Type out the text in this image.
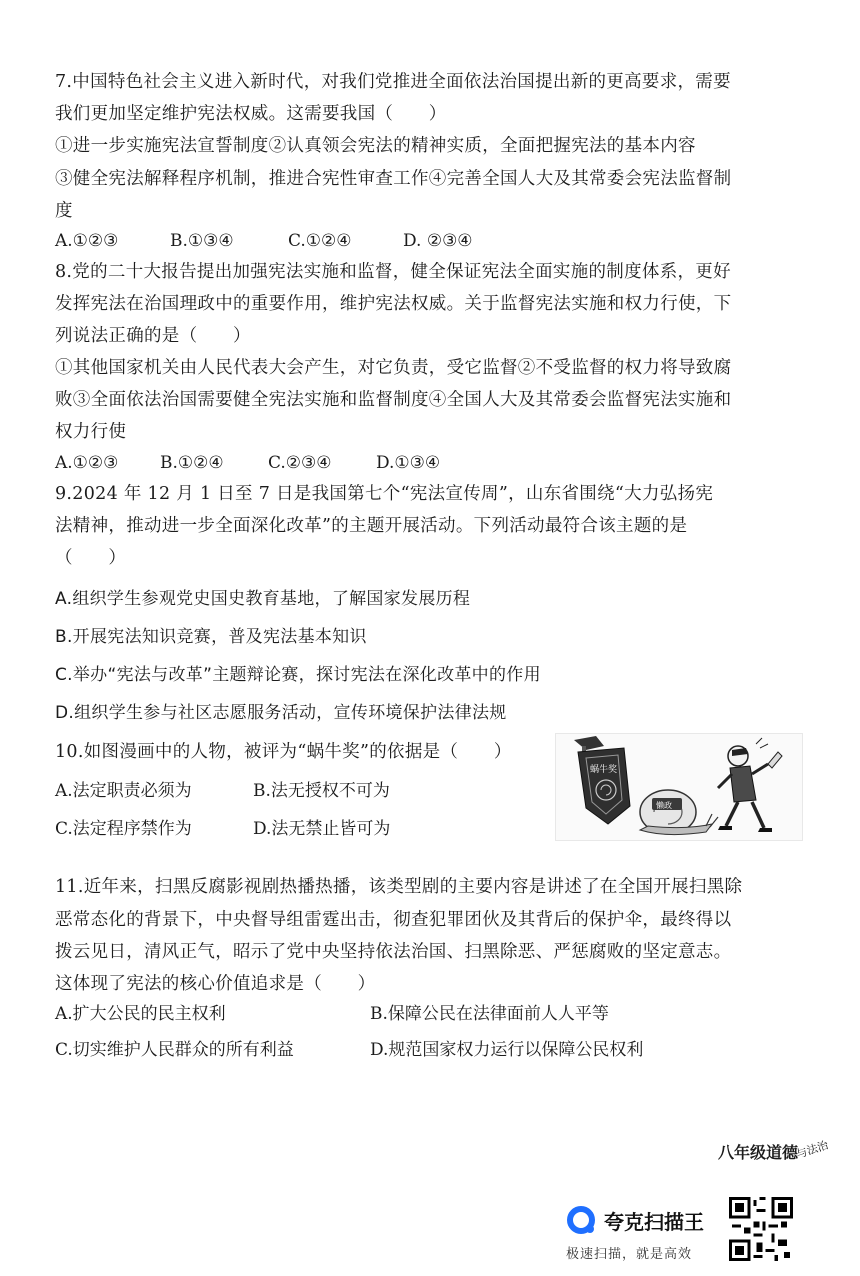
7.中国特色社会主义进入新时代，对我们党推进全面依法治国提出新的更高要求，需要
我们更加坚定维护宪法权威。这需要我国（　　）
①进一步实施宪法宣誓制度②认真领会宪法的精神实质，全面把握宪法的基本内容
③健全宪法解释程序机制，推进合宪性审查工作④完善全国人大及其常委会宪法监督制
度
A.①②③	B.①③④	C.①②④	D. ②③④
8.党的二十大报告提出加强宪法实施和监督，健全保证宪法全面实施的制度体系，更好
发挥宪法在治国理政中的重要作用，维护宪法权威。关于监督宪法实施和权力行使，下
列说法正确的是（　　）
①其他国家机关由人民代表大会产生，对它负责，受它监督②不受监督的权力将导致腐
败③全面依法治国需要健全宪法实施和监督制度④全国人大及其常委会监督宪法实施和
权力行使
A.①②③ B.①②④	C.②③④	D.①③④
9.2024 年 12 月 1 日至 7 日是我国第七个“宪法宣传周”，山东省围绕“大力弘扬宪
法精神，推动进一步全面深化改革”的主题开展活动。下列活动最符合该主题的是
（　　）
A.组织学生参观党史国史教育基地，了解国家发展历程
B.开展宪法知识竞赛，普及宪法基本知识
C.举办“宪法与改革”主题辩论赛，探讨宪法在深化改革中的作用
D.组织学生参与社区志愿服务活动，宣传环境保护法律法规
10.如图漫画中的人物，被评为“蜗牛奖”的依据是（　　）
A.法定职责必须为	B.法无授权不可为
C.法定程序禁作为	D.法无禁止皆可为
蜗牛奖
懒政
11.近年来，扫黑反腐影视剧热播热播，该类型剧的主要内容是讲述了在全国开展扫黑除
恶常态化的背景下，中央督导组雷霆出击，彻查犯罪团伙及其背后的保护伞，最终得以
拨云见日，清风正气，昭示了党中央坚持依法治国、扫黑除恶、严惩腐败的坚定意志。
这体现了宪法的核心价值追求是（　　）
A.扩大公民的民主权利	B.保障公民在法律面前人人平等
C.切实维护人民群众的所有利益	D.规范国家权力运行以保障公民权利
八年级道德与法治
夸克扫描王
极速扫描，就是高效
